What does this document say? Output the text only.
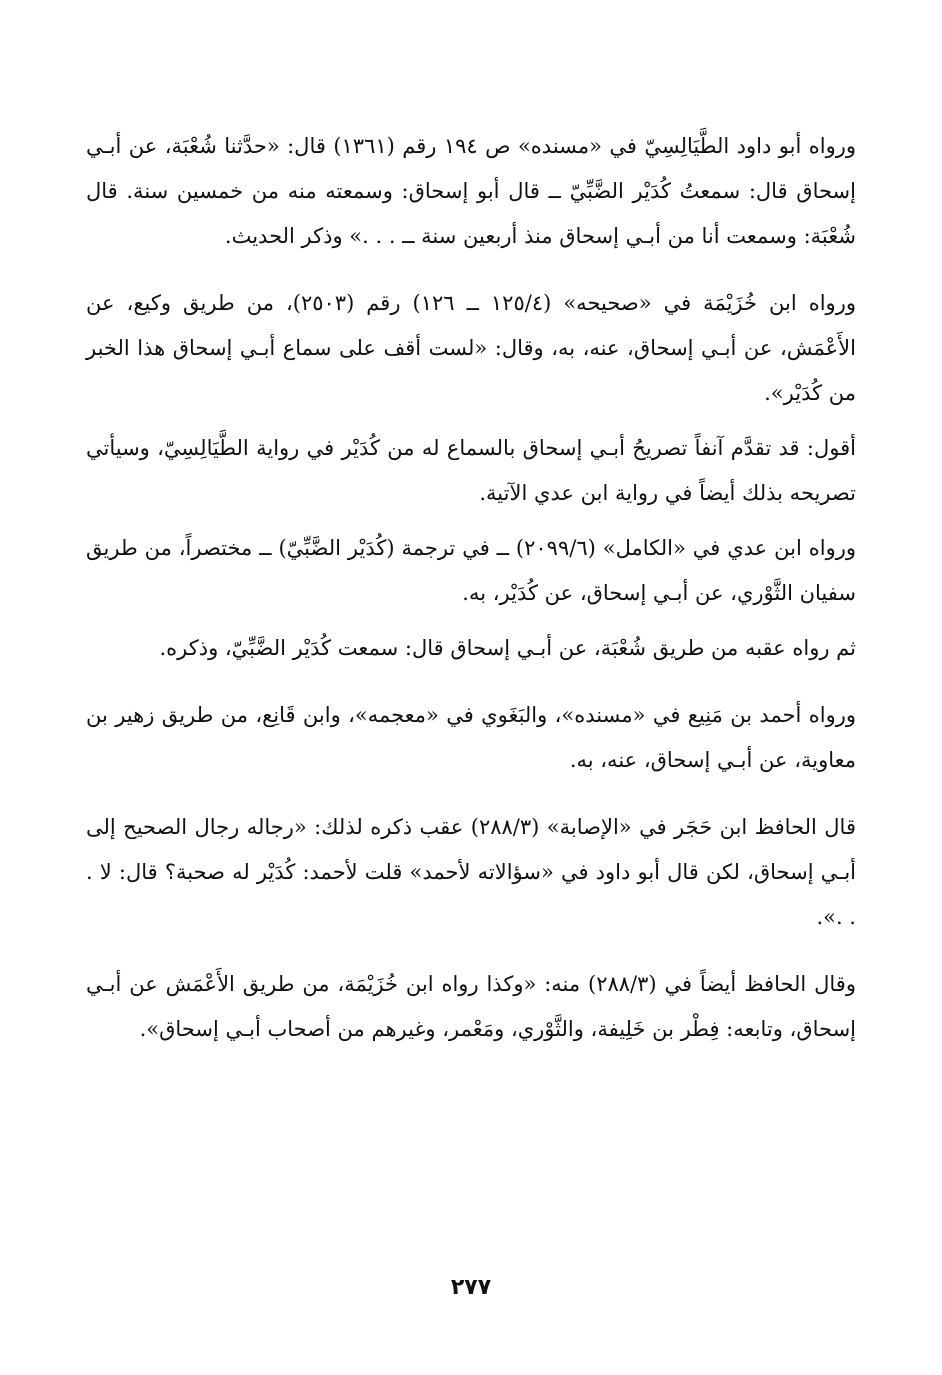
ورواه أبو داود الطَّيَالِسِيّ في «مسنده» ص ١٩٤ رقم (١٣٦١) قال: «حدَّثنا شُعْبَة، عن أبـي إسحاق قال: سمعتُ كُدَيْر الضَّبِّيّ ــ قال أبو إسحاق: وسمعته منه من خمسين سنة. قال شُعْبَة: وسمعت أنا من أبـي إسحاق منذ أربعين سنة ــ . . .» وذكر الحديث.

ورواه ابن خُزَيْمَة في «صحيحه» (١٢٥/٤ ــ ١٢٦) رقم (٢٥٠٣)، من طريق وكيع، عن الأَعْمَش، عن أبـي إسحاق، عنه، به، وقال: «لست أقف على سماع أبـي إسحاق هذا الخبر من كُدَيْر».

أقول: قد تقدَّم آنفاً تصريحُ أبـي إسحاق بالسماع له من كُدَيْر في رواية الطَّيَالِسِيّ، وسيأتي تصريحه بذلك أيضاً في رواية ابن عدي الآتية.

ورواه ابن عدي في «الكامل» (٢٠٩٩/٦) ــ في ترجمة (كُدَيْر الضَّبِّيّ) ــ مختصراً، من طريق سفيان الثَّوْري، عن أبـي إسحاق، عن كُدَيْر، به.

ثم رواه عقبه من طريق شُعْبَة، عن أبـي إسحاق قال: سمعت كُدَيْر الضَّبِّيّ، وذكره.

ورواه أحمد بن مَنِيع في «مسنده»، والبَغَوي في «معجمه»، وابن قَانِع، من طريق زهير بن معاوية، عن أبـي إسحاق، عنه، به.

قال الحافظ ابن حَجَر في «الإصابة» (٢٨٨/٣) عقب ذكره لذلك: «رجاله رجال الصحيح إلى أبـي إسحاق، لكن قال أبو داود في «سؤالاته لأحمد» قلت لأحمد: كُدَيْر له صحبة؟ قال: لا . . .».

وقال الحافظ أيضاً في (٢٨٨/٣) منه: «وكذا رواه ابن خُزَيْمَة، من طريق الأَعْمَش عن أبـي إسحاق، وتابعه: فِطْر بن خَلِيفة، والثَّوْري، ومَعْمر، وغيرهم من أصحاب أبـي إسحاق».

٢٧٧
